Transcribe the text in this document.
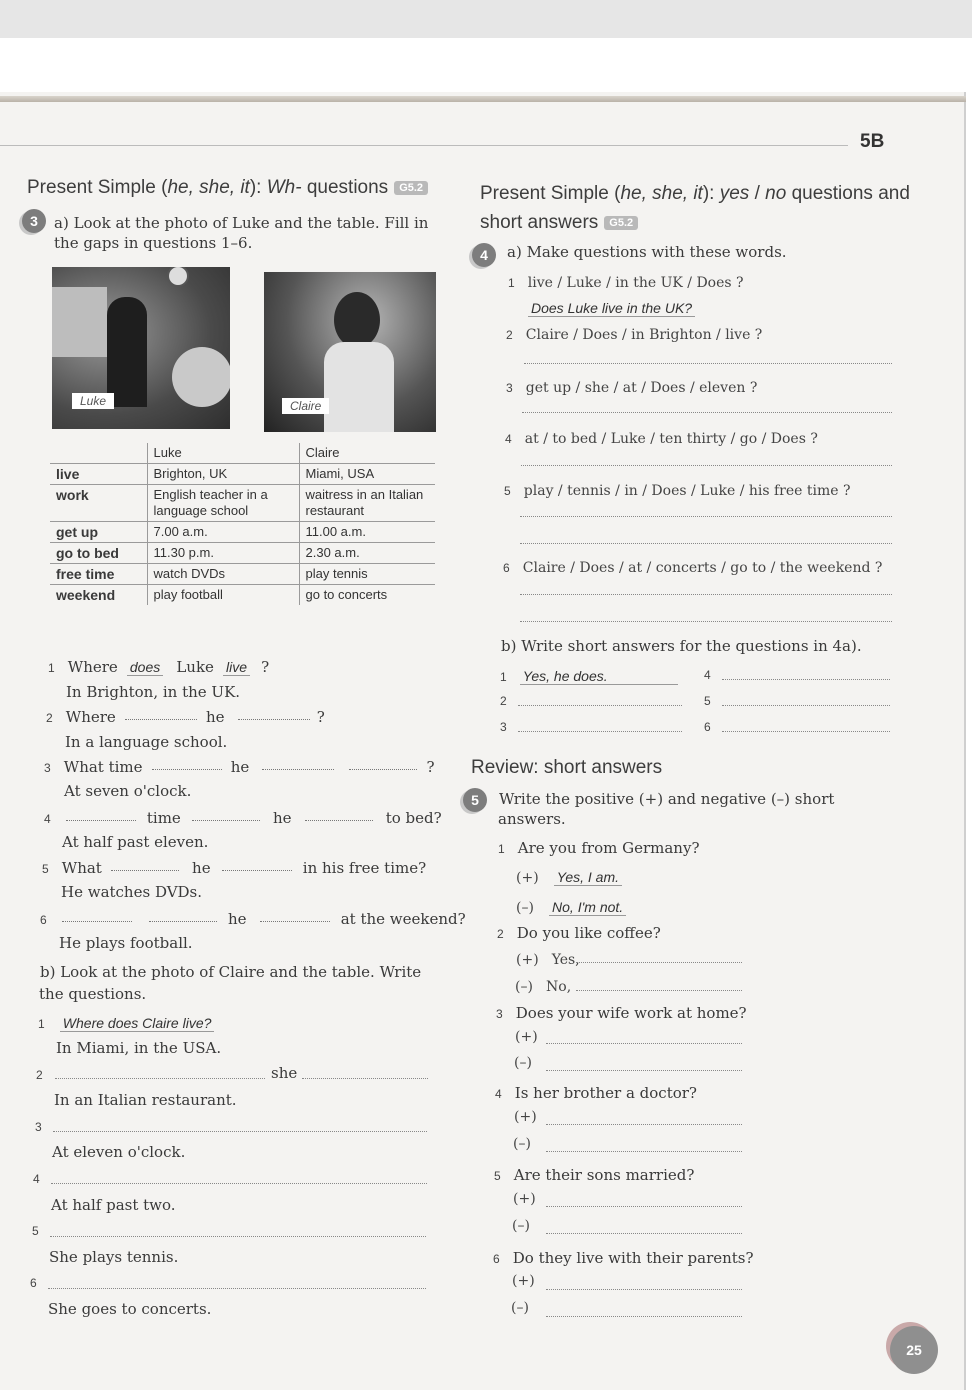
5B
Present Simple (he, she, it): Wh- questions G5.2
3	a) Look at the photo of Luke and the table. Fill in
the gaps in questions 1–6.
Luke	Claire
	Luke	Claire
live	Brighton, UK	Miami, USA
work	English teacher in a language school	waitress in an Italian restaurant
get up	7.00 a.m.	11.00 a.m.
go to bed	11.30 p.m.	2.30 a.m.
free time	watch DVDs	play tennis
weekend	play football	go to concerts
1 Where does Luke live ?
In Brighton, in the UK.
2 Where	he	?
In a language school.
3 What time	he	?
At seven o'clock.
4	time	he	to bed?
At half past eleven.
5 What	he	in his free time?
He watches DVDs.
6	he	at the weekend?
He plays football.
b) Look at the photo of Claire and the table. Write
the questions.
1 Where does Claire live?
In Miami, in the USA.
2	she
In an Italian restaurant.
3
At eleven o'clock.
4
At half past two.
5
She plays tennis.
6
She goes to concerts.
Present Simple (he, she, it): yes / no questions and
short answers G5.2
4	a) Make questions with these words.
1 live / Luke / in the UK / Does ?
Does Luke live in the UK?
2 Claire / Does / in Brighton / live ?
3 get up / she / at / Does / eleven ?
4 at / to bed / Luke / ten thirty / go / Does ?
5 play / tennis / in / Does / Luke / his free time ?
6 Claire / Does / at / concerts / go to / the weekend ?
b) Write short answers for the questions in 4a).
1 Yes, he does.	4
2	5
3	6
Review: short answers
5	Write the positive (+) and negative (–) short
answers.
1 Are you from Germany?
(+) Yes, I am.
(–) No, I'm not.
2 Do you like coffee?
(+) Yes,
(–) No,
3 Does your wife work at home?
(+)
(–)
4 Is her brother a doctor?
(+)
(–)
5 Are their sons married?
(+)
(–)
6 Do they live with their parents?
(+)
(–)
25
